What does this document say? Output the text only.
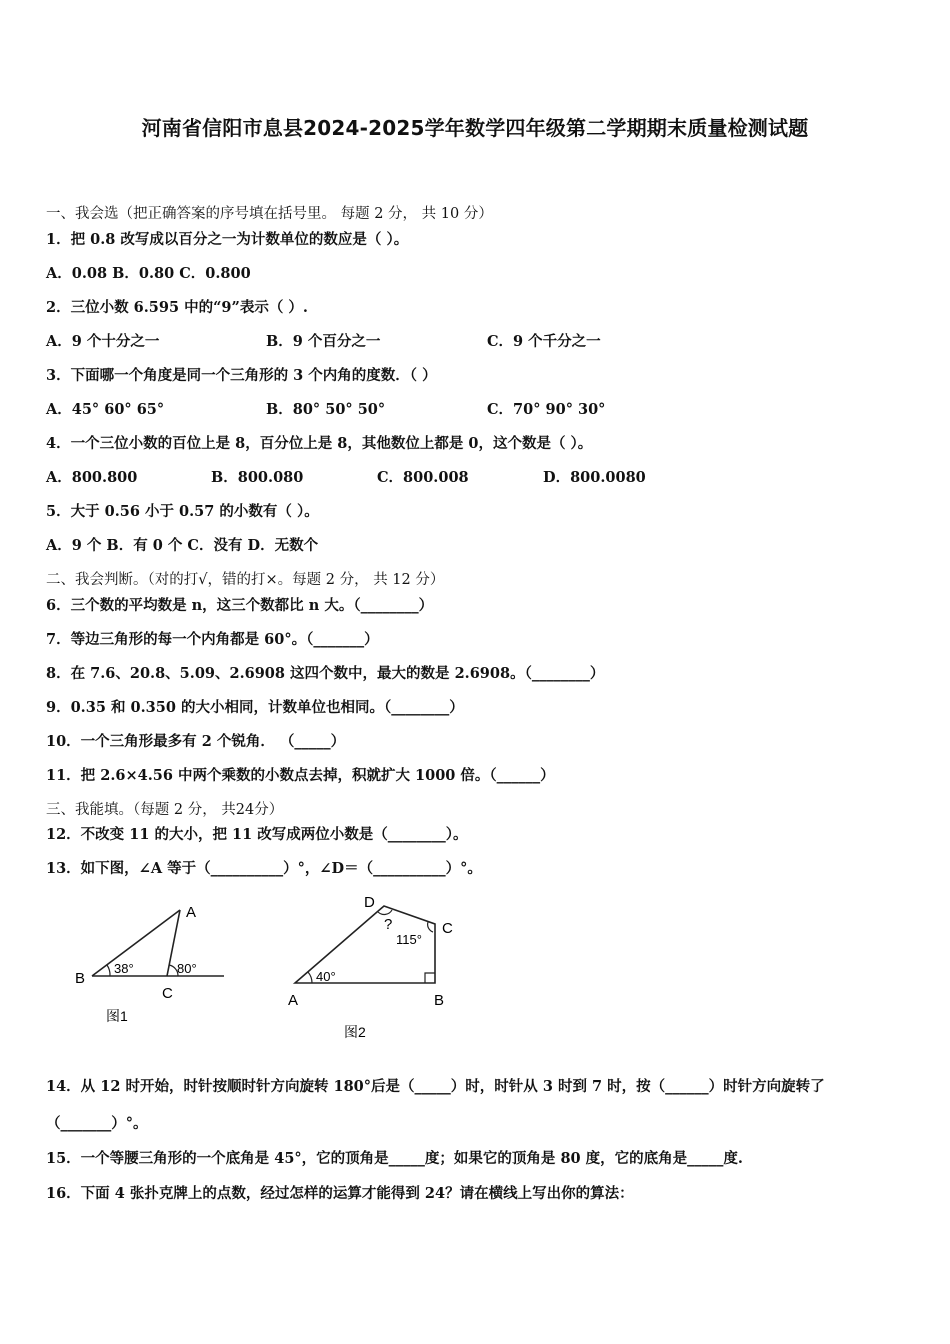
河南省信阳市息县2024-2025学年数学四年级第二学期期末质量检测试题
一、我会选（把正确答案的序号填在括号里。 每题 2 分， 共 10 分）
1．把 0.8 改写成以百分之一为计数单位的数应是（ ）。
A．0.08 B．0.80 C．0.800
2．三位小数 6.595 中的“9”表示（ ）.
A．9 个十分之一	B．9 个百分之一	C．9 个千分之一
3．下面哪一个角度是同一个三角形的 3 个内角的度数．（ ）
A．45° 60° 65°	B．80° 50° 50°	C．70° 90° 30°
4．一个三位小数的百位上是 8，百分位上是 8，其他数位上都是 0，这个数是（ ）。
A．800.800	B．800.080	C．800.008	D．800.0080
5．大于 0.56 小于 0.57 的小数有（ ）。
A．9 个 B．有 0 个 C．没有 D．无数个
二、我会判断。（对的打√，错的打×。每题 2 分， 共 12 分）
6．三个数的平均数是 n，这三个数都比 n 大。（________）
7．等边三角形的每一个内角都是 60°。（_______）
8．在 7.6、20.8、5.09、2.6908 这四个数中，最大的数是 2.6908。（________）
9．0.35 和 0.350 的大小相同，计数单位也相同。（________）
10．一个三角形最多有 2 个锐角． （_____）
11．把 2.6×4.56 中两个乘数的小数点去掉，积就扩大 1000 倍。（______）
三、我能填。（每题 2 分， 共24分）
12．不改变 11 的大小，把 11 改写成两位小数是（________）。
13．如下图，∠A 等于（__________）°，∠D＝（__________）°。
A
B
C
38°	80°
图1
D
C
A	B
?
115°
40°
图2
14．从 12 时开始，时针按顺时针方向旋转 180°后是（_____）时，时针从 3 时到 7 时，按（______）时针方向旋转了
（_______）°。
15．一个等腰三角形的一个底角是 45°，它的顶角是_____度；如果它的顶角是 80 度，它的底角是_____度.
16．下面 4 张扑克牌上的点数，经过怎样的运算才能得到 24？请在横线上写出你的算法：
